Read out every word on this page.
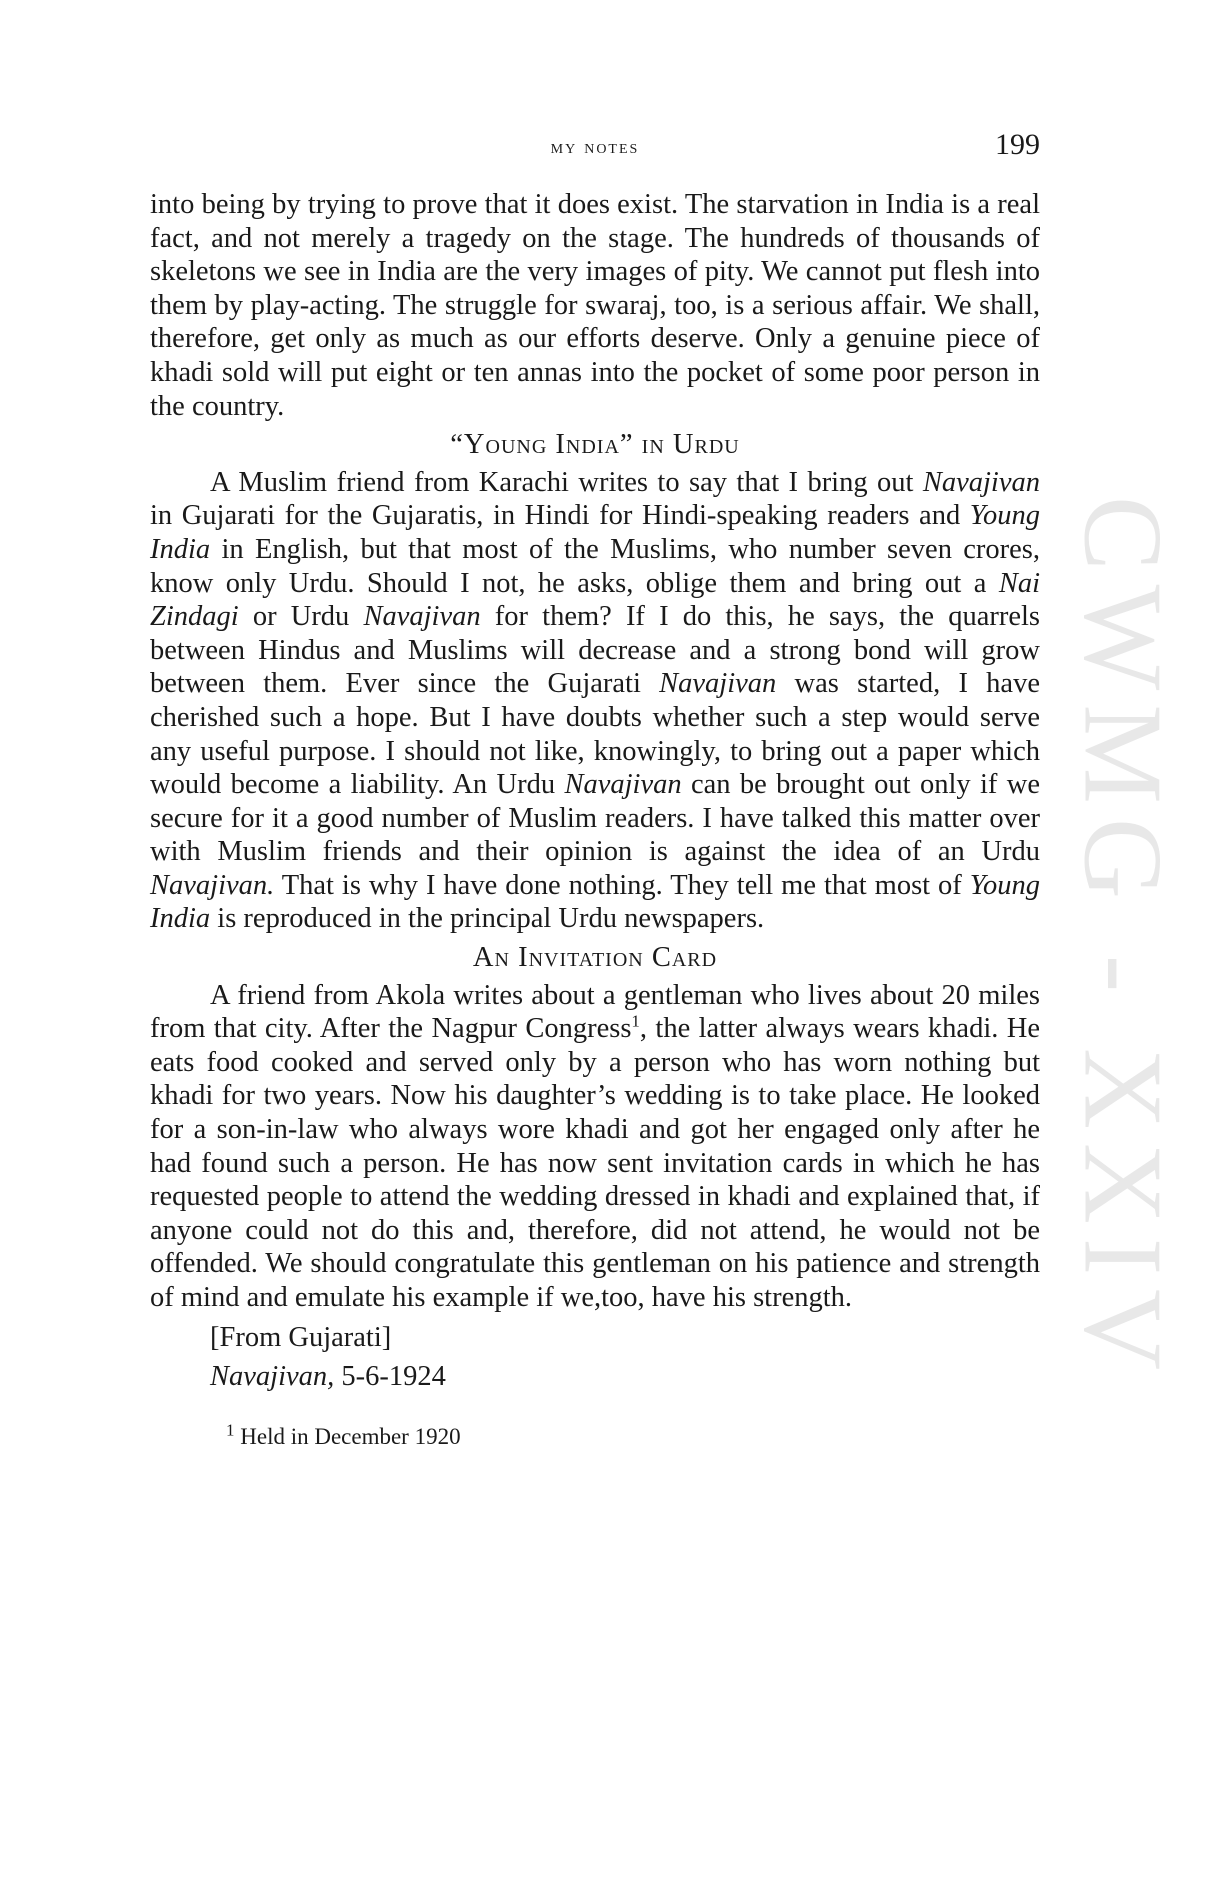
my notes	199
CWMG - XXIV

into being by trying to prove that it does exist. The starvation in India is a real fact, and not merely a tragedy on the stage. The hundreds of thousands of skeletons we see in India are the very images of pity. We cannot put flesh into them by play-acting. The struggle for swaraj, too, is a serious affair. We shall, therefore, get only as much as our efforts deserve. Only a genuine piece of khadi sold will put eight or ten annas into the pocket of some poor person in the country.

“Young India” in Urdu

A Muslim friend from Karachi writes to say that I bring out Navajivan in Gujarati for the Gujaratis, in Hindi for Hindi-speaking readers and Young India in English, but that most of the Muslims, who number seven crores, know only Urdu. Should I not, he asks, oblige them and bring out a Nai Zindagi or Urdu Navajivan for them? If I do this, he says, the quarrels between Hindus and Muslims will decrease and a strong bond will grow between them. Ever since the Gujarati Navajivan was started, I have cherished such a hope. But I have doubts whether such a step would serve any useful purpose. I should not like, knowingly, to bring out a paper which would become a liability. An Urdu Navajivan can be brought out only if we secure for it a good number of Muslim readers. I have talked this matter over with Muslim friends and their opinion is against the idea of an Urdu Navajivan. That is why I have done nothing. They tell me that most of Young India is reproduced in the principal Urdu newspapers.

An Invitation Card

A friend from Akola writes about a gentleman who lives about 20 miles from that city. After the Nagpur Congress$^1$, the latter always wears khadi. He eats food cooked and served only by a person who has worn nothing but khadi for two years. Now his daughter’s wedding is to take place. He looked for a son-in-law who always wore khadi and got her engaged only after he had found such a person. He has now sent invitation cards in which he has requested people to attend the wedding dressed in khadi and explained that, if anyone could not do this and, therefore, did not attend, he would not be offended. We should congratulate this gentleman on his patience and strength of mind and emulate his example if we,too, have his strength.

[From Gujarati]
Navajivan, 5-6-1924
$^1$ Held in December 1920
